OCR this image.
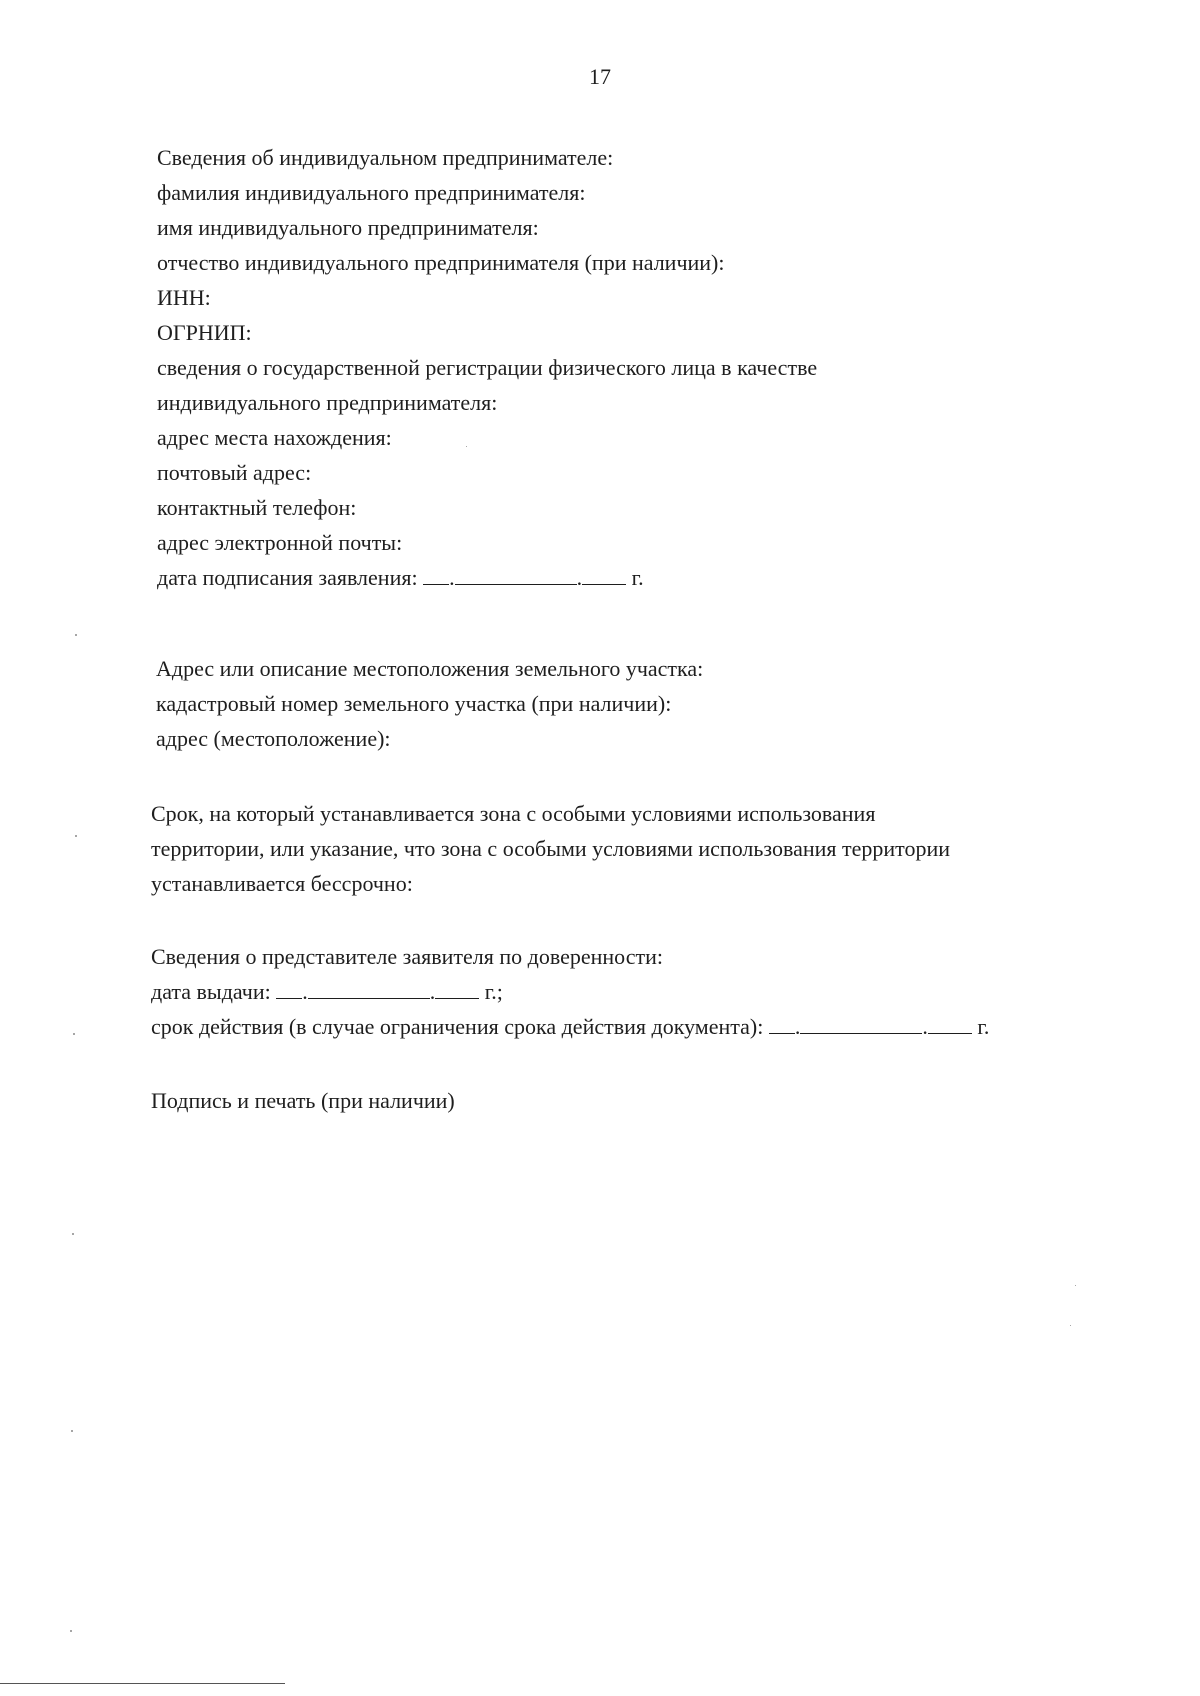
17
Сведения об индивидуальном предпринимателе:
фамилия индивидуального предпринимателя:
имя индивидуального предпринимателя:
отчество индивидуального предпринимателя (при наличии):
ИНН:
ОГРНИП:
сведения о государственной регистрации физического лица в качестве
индивидуального предпринимателя:
адрес места нахождения:
почтовый адрес:
контактный телефон:
адрес электронной почты:
дата подписания заявления: .	. г.
Адрес или описание местоположения земельного участка:
кадастровый номер земельного участка (при наличии):
адрес (местоположение):
Срок, на который устанавливается зона с особыми условиями использования
территории, или указание, что зона с особыми условиями использования территории
устанавливается бессрочно:
Сведения о представителе заявителя по доверенности:
дата выдачи: .	. г.;
срок действия (в случае ограничения срока действия документа): .	. г.
Подпись и печать (при наличии)
